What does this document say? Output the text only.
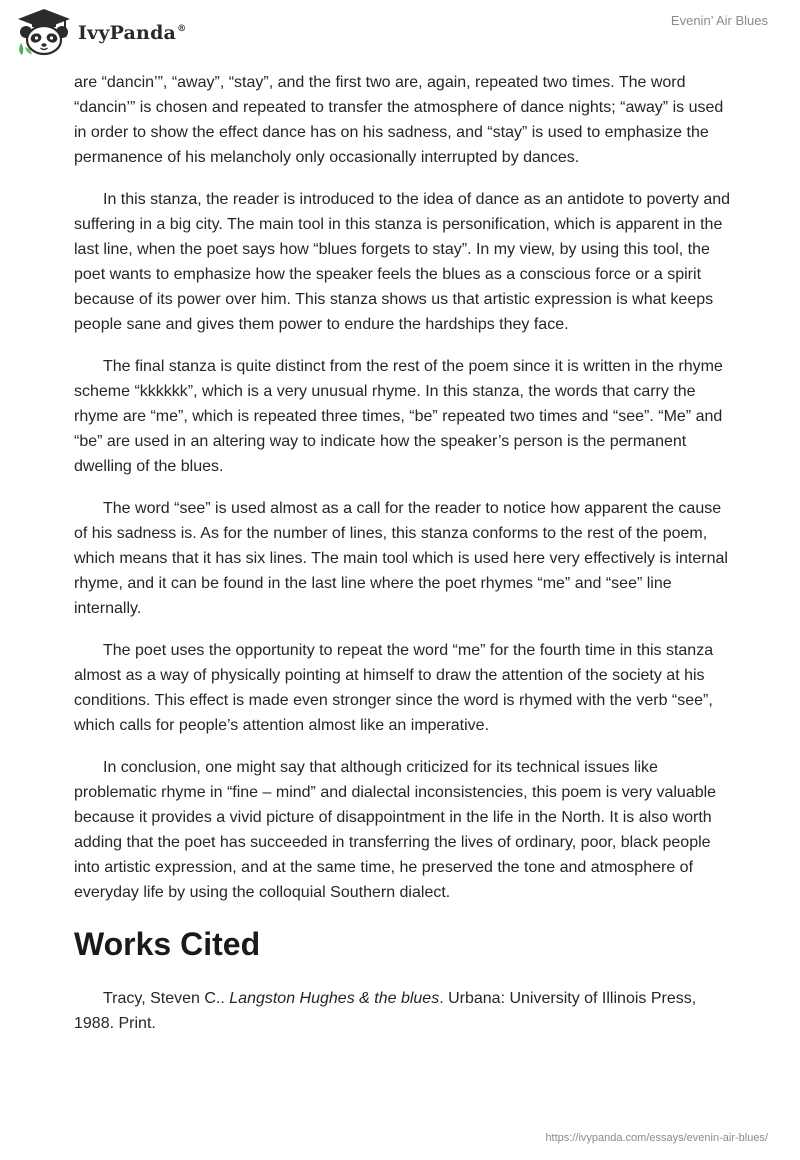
IvyPanda®
Evenin’ Air Blues

are “dancin’”, “away”, “stay”, and the first two are, again, repeated two times. The word “dancin’” is chosen and repeated to transfer the atmosphere of dance nights; “away” is used in order to show the effect dance has on his sadness, and “stay” is used to emphasize the permanence of his melancholy only occasionally interrupted by dances.

In this stanza, the reader is introduced to the idea of dance as an antidote to poverty and suffering in a big city. The main tool in this stanza is personification, which is apparent in the last line, when the poet says how “blues forgets to stay”. In my view, by using this tool, the poet wants to emphasize how the speaker feels the blues as a conscious force or a spirit because of its power over him. This stanza shows us that artistic expression is what keeps people sane and gives them power to endure the hardships they face.

The final stanza is quite distinct from the rest of the poem since it is written in the rhyme scheme “kkkkkk”, which is a very unusual rhyme. In this stanza, the words that carry the rhyme are “me”, which is repeated three times, “be” repeated two times and “see”. “Me” and “be” are used in an altering way to indicate how the speaker’s person is the permanent dwelling of the blues.

The word “see” is used almost as a call for the reader to notice how apparent the cause of his sadness is. As for the number of lines, this stanza conforms to the rest of the poem, which means that it has six lines. The main tool which is used here very effectively is internal rhyme, and it can be found in the last line where the poet rhymes “me” and “see” line internally.

The poet uses the opportunity to repeat the word “me” for the fourth time in this stanza almost as a way of physically pointing at himself to draw the attention of the society at his conditions. This effect is made even stronger since the word is rhymed with the verb “see”, which calls for people’s attention almost like an imperative.

In conclusion, one might say that although criticized for its technical issues like problematic rhyme in “fine – mind” and dialectal inconsistencies, this poem is very valuable because it provides a vivid picture of disappointment in the life in the North. It is also worth adding that the poet has succeeded in transferring the lives of ordinary, poor, black people into artistic expression, and at the same time, he preserved the tone and atmosphere of everyday life by using the colloquial Southern dialect.

Works Cited

Tracy, Steven C.. Langston Hughes & the blues. Urbana: University of Illinois Press, 1988. Print.

https://ivypanda.com/essays/evenin-air-blues/
